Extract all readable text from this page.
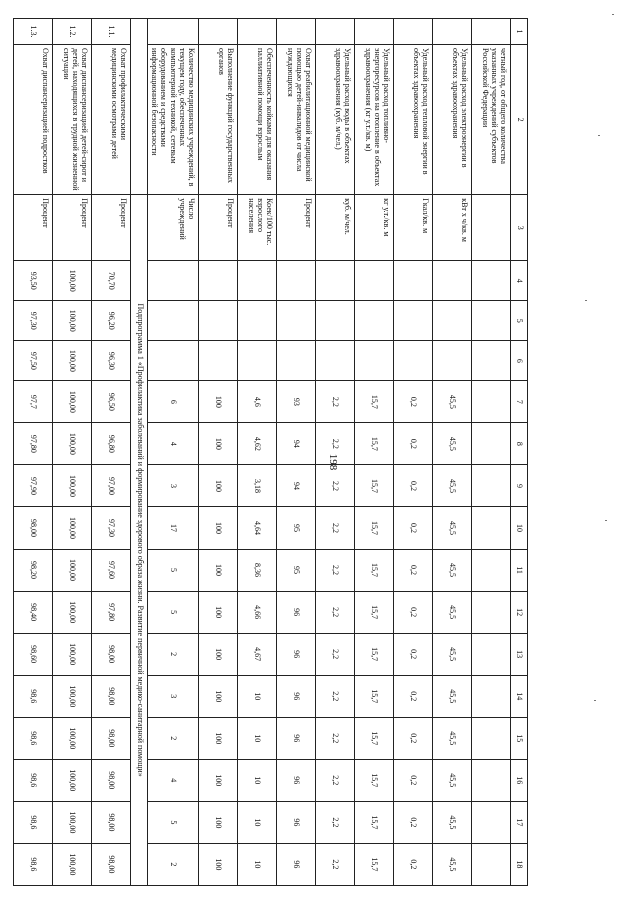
198
1	2	3	4	5	6	7	8	9	10	11	12	13	14	15	16	17	18
	четный год, от общего количества указанных учреждений субъектов Российской Федерации																
	Удельный расход электроэнергии в объектах здравоохранения	кВт x ч/кв. м				45,5	45,5	45,5	45,5	45,5	45,5	45,5	45,5	45,5	45,5	45,5	45,5
	Удельный расход тепловой энергии в объектах здравоохранения	Гкал/кв. м				0,2	0,2	0,2	0,2	0,2	0,2	0,2	0,2	0,2	0,2	0,2	0,2
	Удельный расход топливно-энергоресурсов на отопление в объектах здравоохранения (кг у.т./кв. м)	кг у.т./кв. м				15,7	15,7	15,7	15,7	15,7	15,7	15,7	15,7	15,7	15,7	15,7	15,7
	Удельный расход воды в объектах здравоохранения (куб. м/чел.)	куб. м/чел.				2,2	2,2	2,2	2,2	2,2	2,2	2,2	2,2	2,2	2,2	2,2	2,2
	Охват реабилитационной медицинской помощью детей-инвалидов от числа нуждающихся	Процент				93	94	94	95	95	96	96	96	96	96	96	96
	Обеспеченность койками для оказания паллиативной помощи взрослым	Коек/100 тыс. взрослого населения				4,6	4,62	3,18	4,64	8,36	4,66	4,67	10	10	10	10	10
	Выполнение функций государственных органов	Процент				100	100	100	100	100	100	100	100	100	100	100	100
	Количество медицинских учреждений, в текущем году, обеспеченных компьютерной техникой, сетевым оборудованием и средствами информационной безопасности	Число учреждений				6	4	3	17	5	5	2	3	2	4	5	2
		Подпрограмма 1 «Профилактика заболеваний и формирование здорового образа жизни. Развитие первичной медико-санитарной помощи»															
1.1.	Охват профилактическими медицинскими осмотрами детей	Процент	70,70	96,20	96,30	96,50	96,80	97,00	97,30	97,60	97,80	98,00	98,00	98,00	98,00	98,00	98,00
1.2.	Охват диспансеризацией детей-сирот и детей, находящихся в трудной жизненной ситуации	Процент	100,00	100,00	100,00	100,00	100,00	100,00	100,00	100,00	100,00	100,00	100,00	100,00	100,00	100,00	100,00
1.3.	Охват диспансеризацией подростков	Процент	93,50	97,30	97,50	97,7	97,80	97,90	98,00	98,20	98,40	98,60	98,6	98,6	98,6	98,6	98,6
